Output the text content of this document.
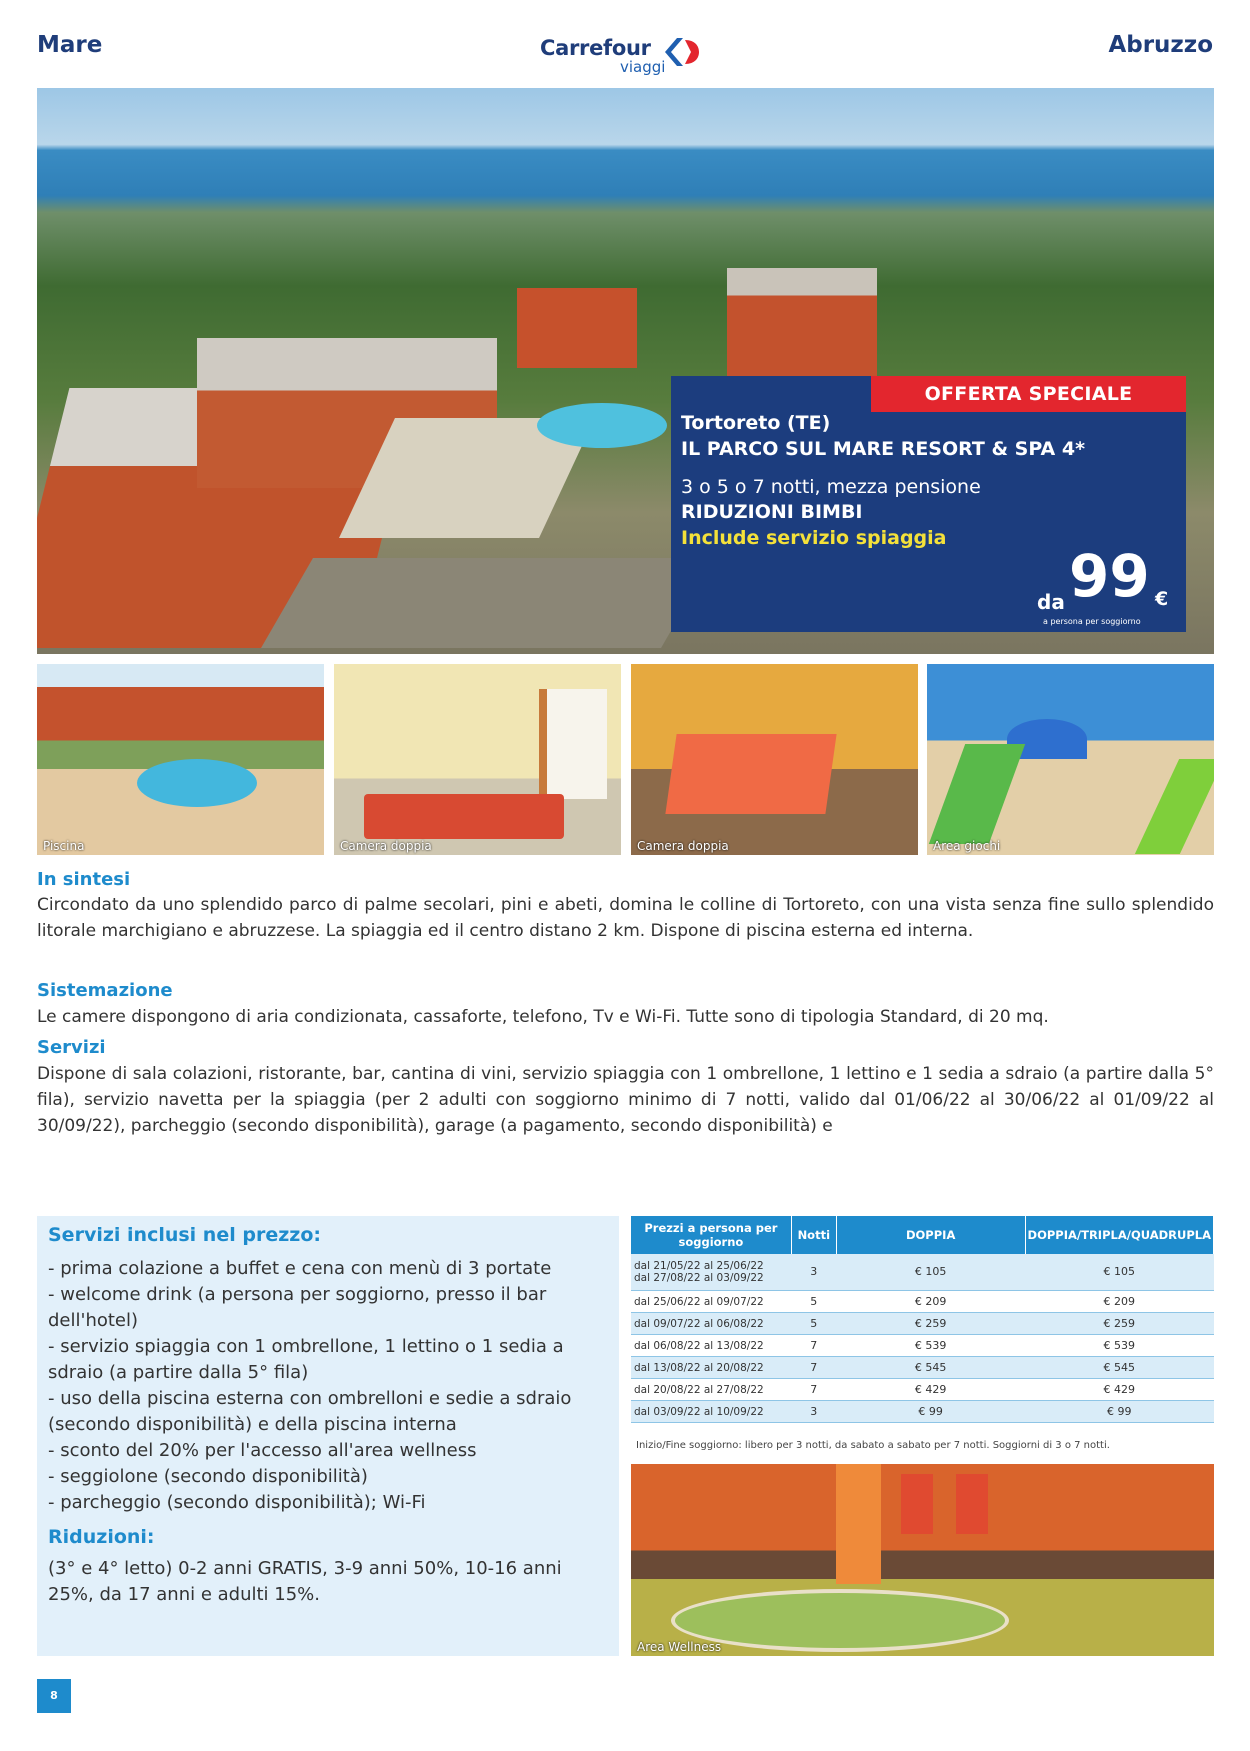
Mare	Carrefour
viaggi
Abruzzo
Tortoreto (TE)
IL PARCO SUL MARE RESORT & SPA 4*
3 o 5 o 7 notti, mezza pensione
RIDUZIONI BIMBI
Include servizio spiaggia
da 99 €
a persona per soggiorno
OFFERTA SPECIALE
Piscina	Camera doppia	Camera doppia	Area giochi
In sintesi
Circondato da uno splendido parco di palme secolari, pini e abeti, domina le colline di Tortoreto, con una vista senza fine sullo splendido litorale marchigiano e abruzzese. La spiaggia ed il centro distano 2 km. Dispone di piscina esterna ed interna.
Sistemazione
Le camere dispongono di aria condizionata, cassaforte, telefono, Tv e Wi-Fi. Tutte sono di tipologia Standard, di 20 mq.
Servizi
Dispone di sala colazioni, ristorante, bar, cantina di vini, servizio spiaggia con 1 ombrellone, 1 lettino e 1 sedia a sdraio (a partire dalla 5° fila), servizio navetta per la spiaggia (per 2 adulti con soggiorno minimo di 7 notti, valido dal 01/06/22 al 30/06/22 al 01/09/22 al 30/09/22), parcheggio (secondo disponibilità), garage (a pagamento, secondo disponibilità) e
Servizi inclusi nel prezzo:
- prima colazione a buffet e cena con menù di 3 portate
- welcome drink (a persona per soggiorno, presso il bar dell'hotel)
- servizio spiaggia con 1 ombrellone, 1 lettino o 1 sedia a sdraio (a partire dalla 5° fila)
- uso della piscina esterna con ombrelloni e sedie a sdraio (secondo disponibilità) e della piscina interna
- sconto del 20% per l'accesso all'area wellness
- seggiolone (secondo disponibilità)
- parcheggio (secondo disponibilità); Wi-Fi
Riduzioni:
(3° e 4° letto) 0-2 anni GRATIS, 3-9 anni 50%, 10-16 anni 25%, da 17 anni e adulti 15%.
Prezzi a persona per soggiorno	Notti	DOPPIA	DOPPIA/TRIPLA/QUADRUPLA
dal 21/05/22 al 25/06/22
dal 27/08/22 al 03/09/22	3	€ 105	€ 105
dal 25/06/22 al 09/07/22	5	€ 209	€ 209
dal 09/07/22 al 06/08/22	5	€ 259	€ 259
dal 06/08/22 al 13/08/22	7	€ 539	€ 539
dal 13/08/22 al 20/08/22	7	€ 545	€ 545
dal 20/08/22 al 27/08/22	7	€ 429	€ 429
dal 03/09/22 al 10/09/22	3	€ 99	€ 99
Inizio/Fine soggiorno: libero per 3 notti, da sabato a sabato per 7 notti. Soggiorni di 3 o 7 notti.
Area Wellness
8
